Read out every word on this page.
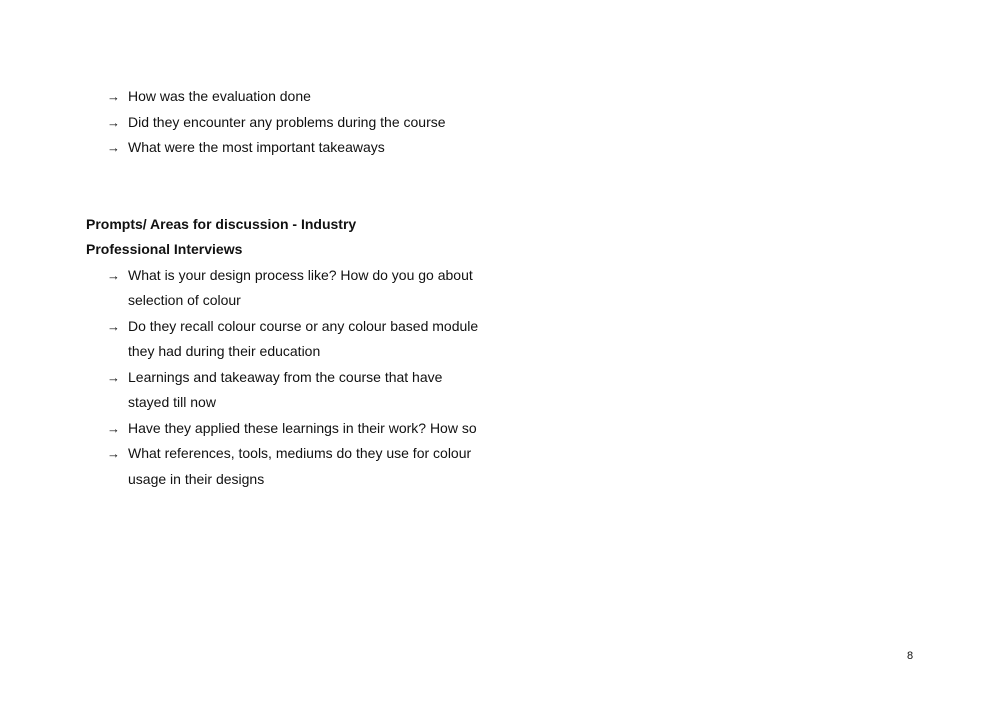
→ How was the evaluation done
→ Did they encounter any problems during the course
→ What were the most important takeaways
Prompts/ Areas for discussion - Industry Professional Interviews
→ What is your design process like? How do you go about selection of colour
→ Do they recall colour course or any colour based module they had during their education
→ Learnings and takeaway from the course that have stayed till now
→ Have they applied these learnings in their work? How so
→ What references, tools, mediums do they use for colour usage in their designs
8
